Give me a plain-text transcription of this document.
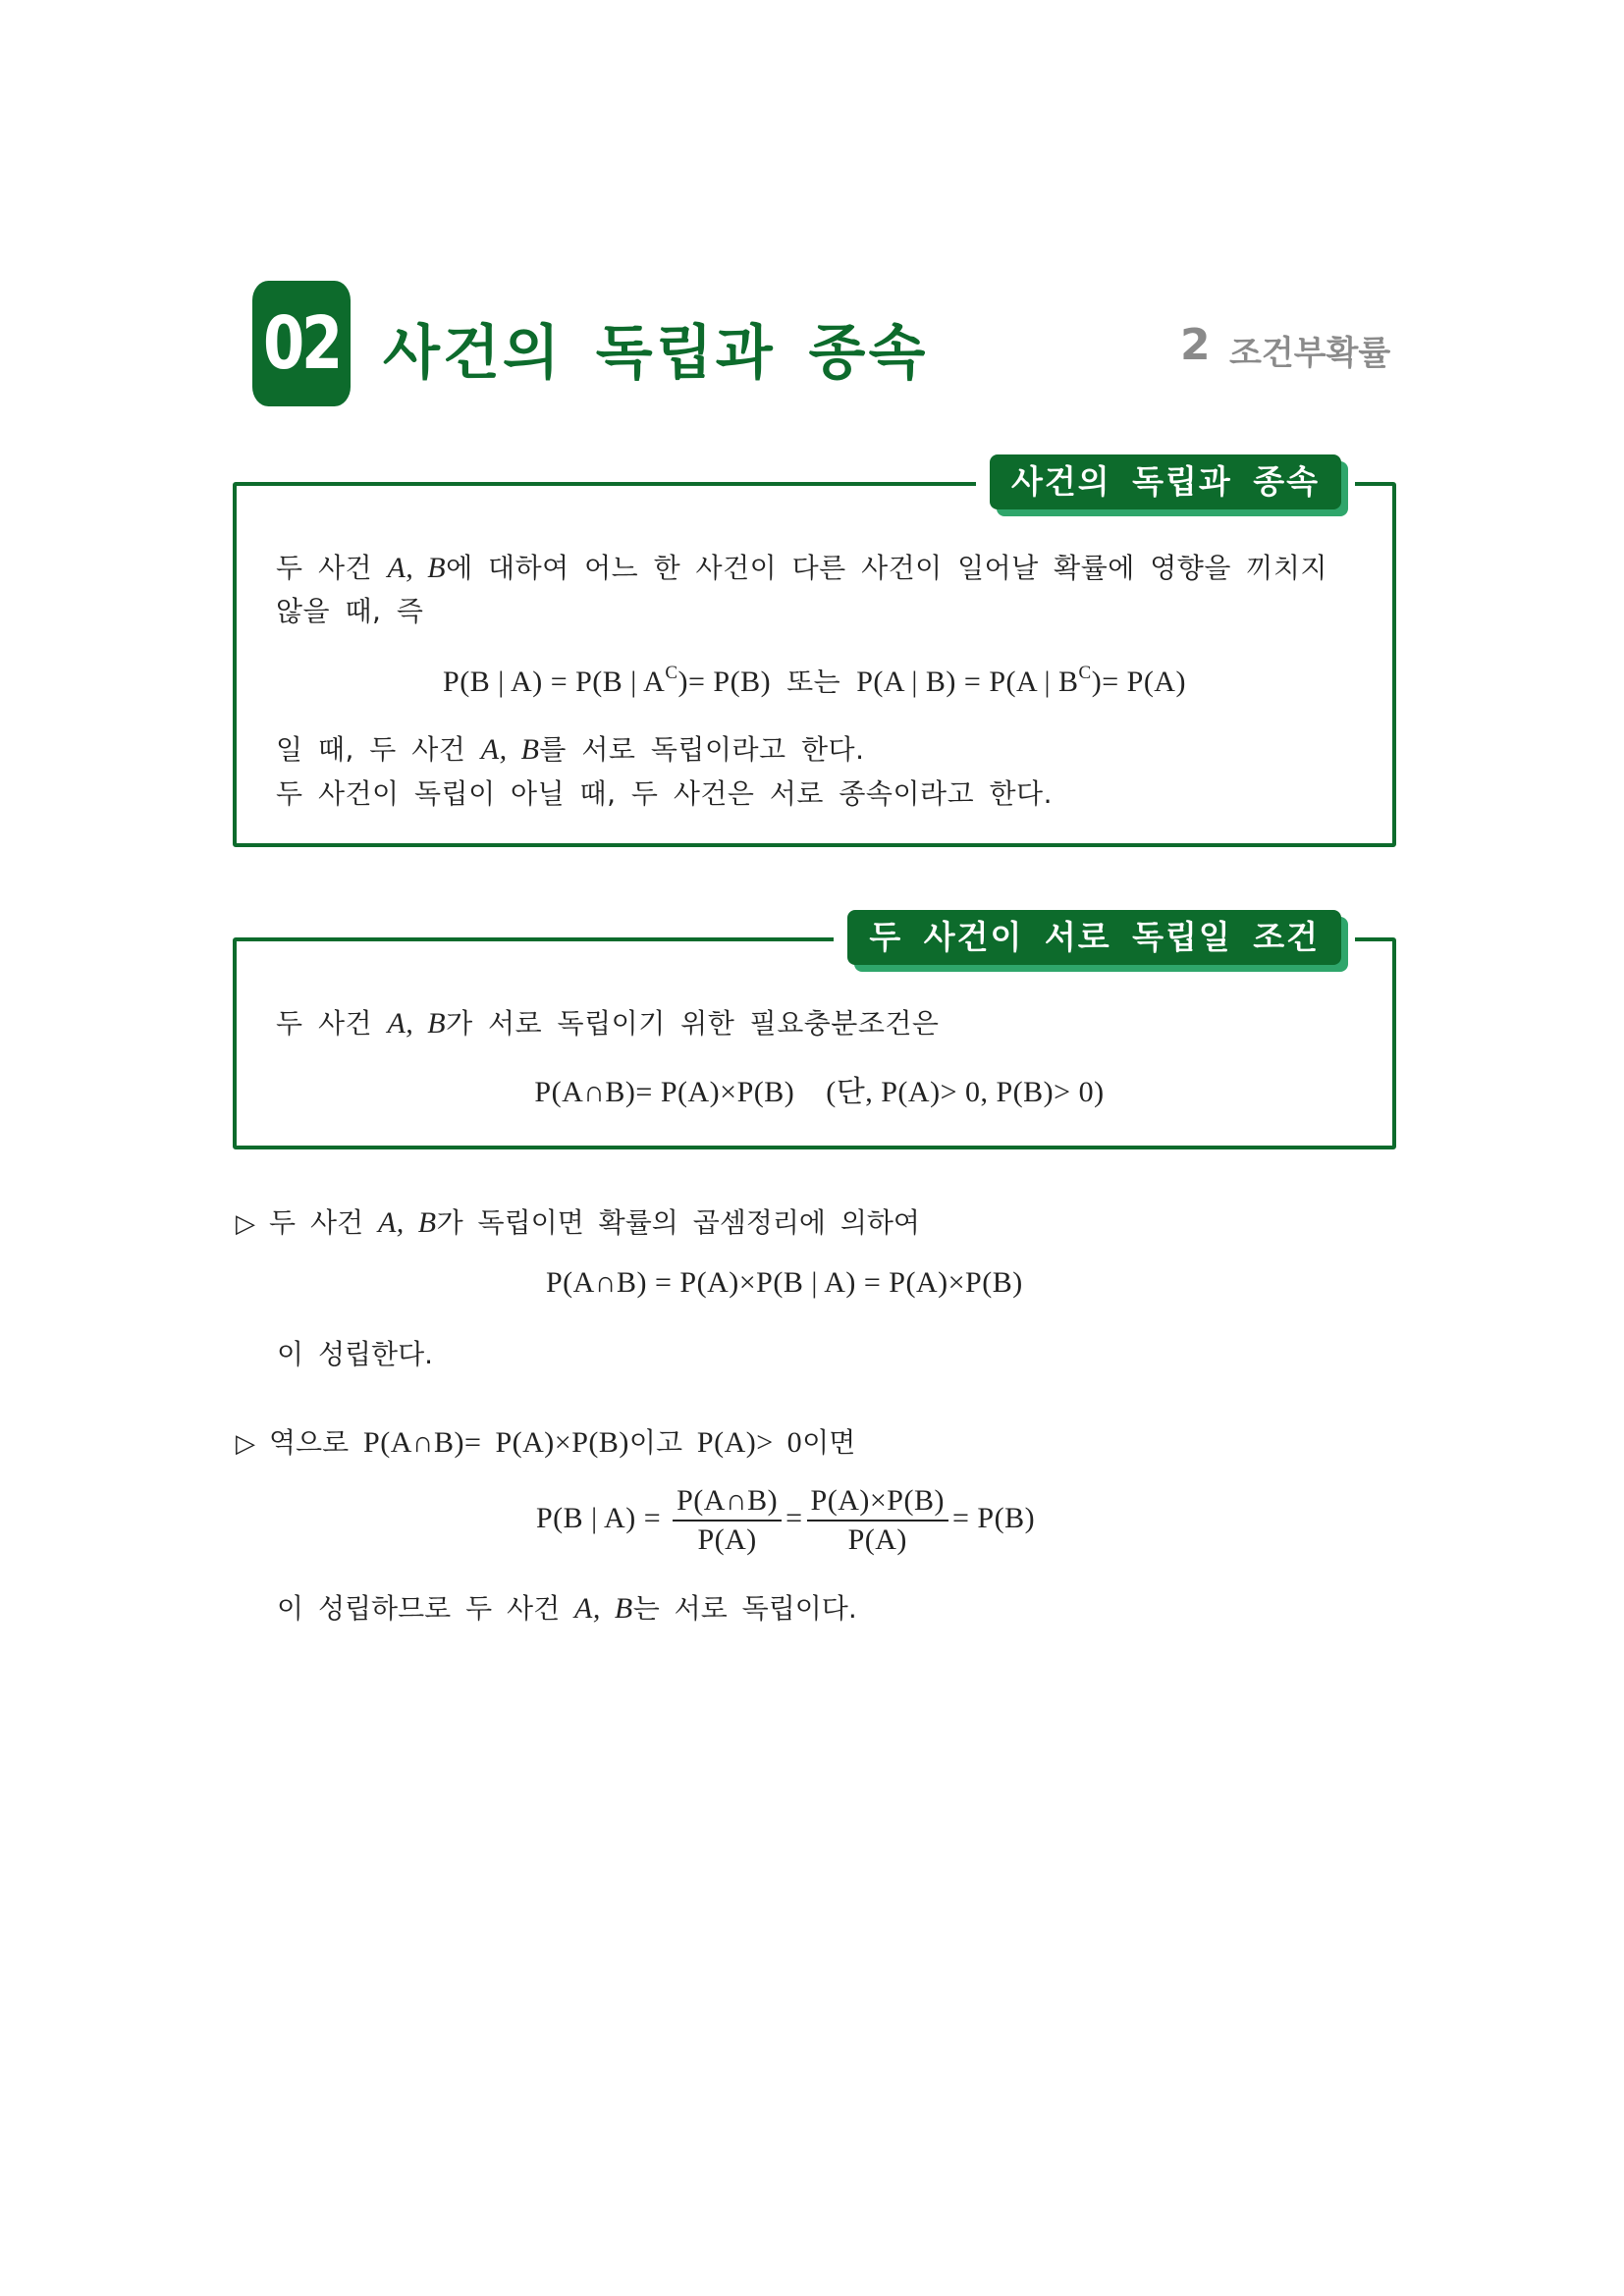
02 사건의 독립과 종속	2 조건부확률
사건의 독립과 종속
두 사건 A, B에 대하여 어느 한 사건이 다른 사건이 일어날 확률에 영향을 끼치지
않을 때, 즉
P(B | A) = P(B | $A^C)= P(B)$ 또는 P(A | B) = P(A | $B^C)= P(A)$
일 때, 두 사건 A, B를 서로 독립이라고 한다.
두 사건이 독립이 아닐 때, 두 사건은 서로 종속이라고 한다.
두 사건이 서로 독립일 조건
두 사건 A, B가 서로 독립이기 위한 필요충분조건은
P(A∩B)= P(A)×P(B) (단, P(A)> 0, P(B)> 0)
▷ 두 사건 A, B가 독립이면 확률의 곱셈정리에 의하여
P(A∩B) = P(A)×P(B | A) = P(A)×P(B)
이 성립한다.
▷ 역으로 P(A∩B)= P(A)×P(B)이고 P(A)> 0이면
P(B | $A) = \frac{P(A\cap B)}{P(A)} = \frac{P(A)\times P(B)}{P(A)} = P(B)$
이 성립하므로 두 사건 A, B는 서로 독립이다.
